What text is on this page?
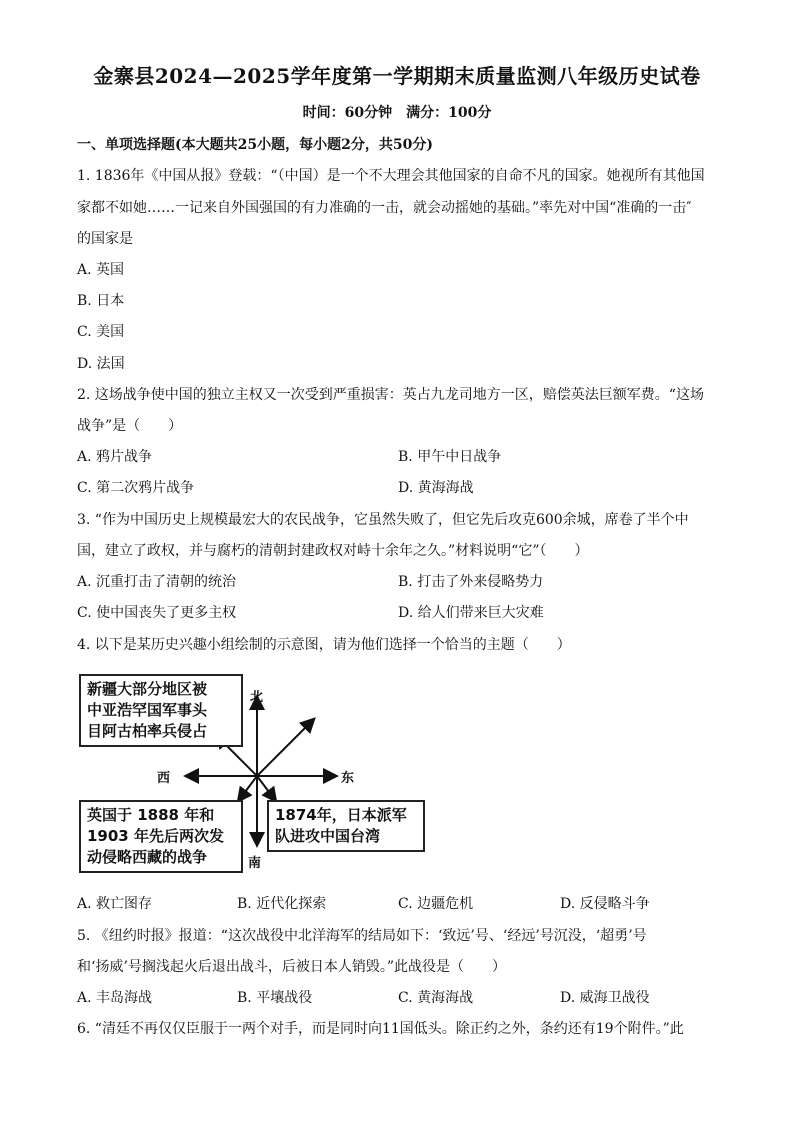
金寨县2024—2025学年度第一学期期末质量监测八年级历史试卷
时间：60分钟　满分：100分
一、单项选择题(本大题共25小题，每小题2分，共50分)
1. 1836年《中国从报》登载：“（中国）是一个不大理会其他国家的自命不凡的国家。她视所有其他国
家都不如她……一记来自外国强国的有力准确的一击，就会动摇她的基础。”率先对中国“准确的一击″
的国家是
A. 英国
B. 日本
C. 美国
D. 法国
2. 这场战争使中国的独立主权又一次受到严重损害：英占九龙司地方一区，赔偿英法巨额军费。“这场
战争”是（　　）
A. 鸦片战争	B. 甲午中日战争
C. 第二次鸦片战争	D. 黄海海战
3. “作为中国历史上规模最宏大的农民战争，它虽然失败了，但它先后攻克600余城，席卷了半个中
国，建立了政权，并与腐朽的清朝封建政权对峙十余年之久。”材料说明“它”（　　）
A. 沉重打击了清朝的统治	B. 打击了外来侵略势力
C. 使中国丧失了更多主权	D. 给人们带来巨大灾难
4. 以下是某历史兴趣小组绘制的示意图，请为他们选择一个恰当的主题（　　）
北
南
东
西
新疆大部分地区被
中亚浩罕国军事头
目阿古柏率兵侵占
英国于 1888 年和
1903 年先后两次发
动侵略西藏的战争
1874年，日本派军
队进攻中国台湾
A. 救亡图存	B. 近代化探索	C. 边疆危机	D. 反侵略斗争
5. 《纽约时报》报道：“这次战役中北洋海军的结局如下：‘致远’号、‘经远’号沉没，‘超勇’号
和‘扬威’号搁浅起火后退出战斗，后被日本人销毁。”此战役是（　　）
A. 丰岛海战	B. 平壤战役	C. 黄海海战	D. 威海卫战役
6. “清廷不再仅仅臣服于一两个对手，而是同时向11国低头。除正约之外，条约还有19个附件。”此
